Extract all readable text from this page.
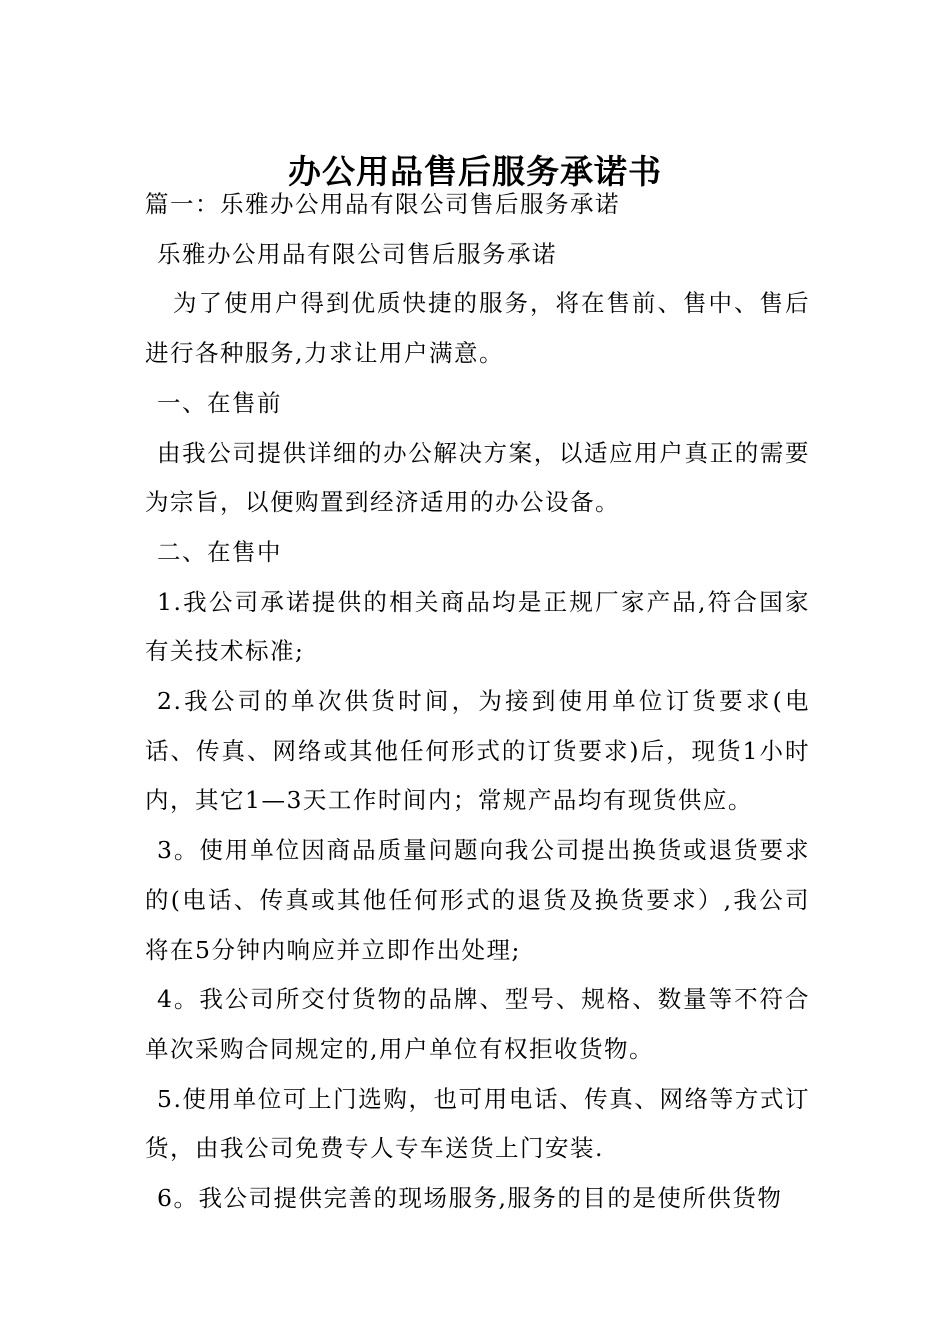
办公用品售后服务承诺书

篇一：乐雅办公用品有限公司售后服务承诺

乐雅办公用品有限公司售后服务承诺

为了使用户得到优质快捷的服务，将在售前、售中、售后进行各种服务,力求让用户满意。

一、在售前

由我公司提供详细的办公解决方案，以适应用户真正的需要为宗旨，以便购置到经济适用的办公设备。

二、在售中

1.我公司承诺提供的相关商品均是正规厂家产品,符合国家有关技术标准;

2.我公司的单次供货时间，为接到使用单位订货要求(电话、传真、网络或其他任何形式的订货要求)后，现货1小时内，其它1—3天工作时间内；常规产品均有现货供应。

3。使用单位因商品质量问题向我公司提出换货或退货要求的(电话、传真或其他任何形式的退货及换货要求）,我公司将在5分钟内响应并立即作出处理;

4。我公司所交付货物的品牌、型号、规格、数量等不符合单次采购合同规定的,用户单位有权拒收货物。

5.使用单位可上门选购，也可用电话、传真、网络等方式订货，由我公司免费专人专车送货上门安装.

6。我公司提供完善的现场服务,服务的目的是使所供货物
